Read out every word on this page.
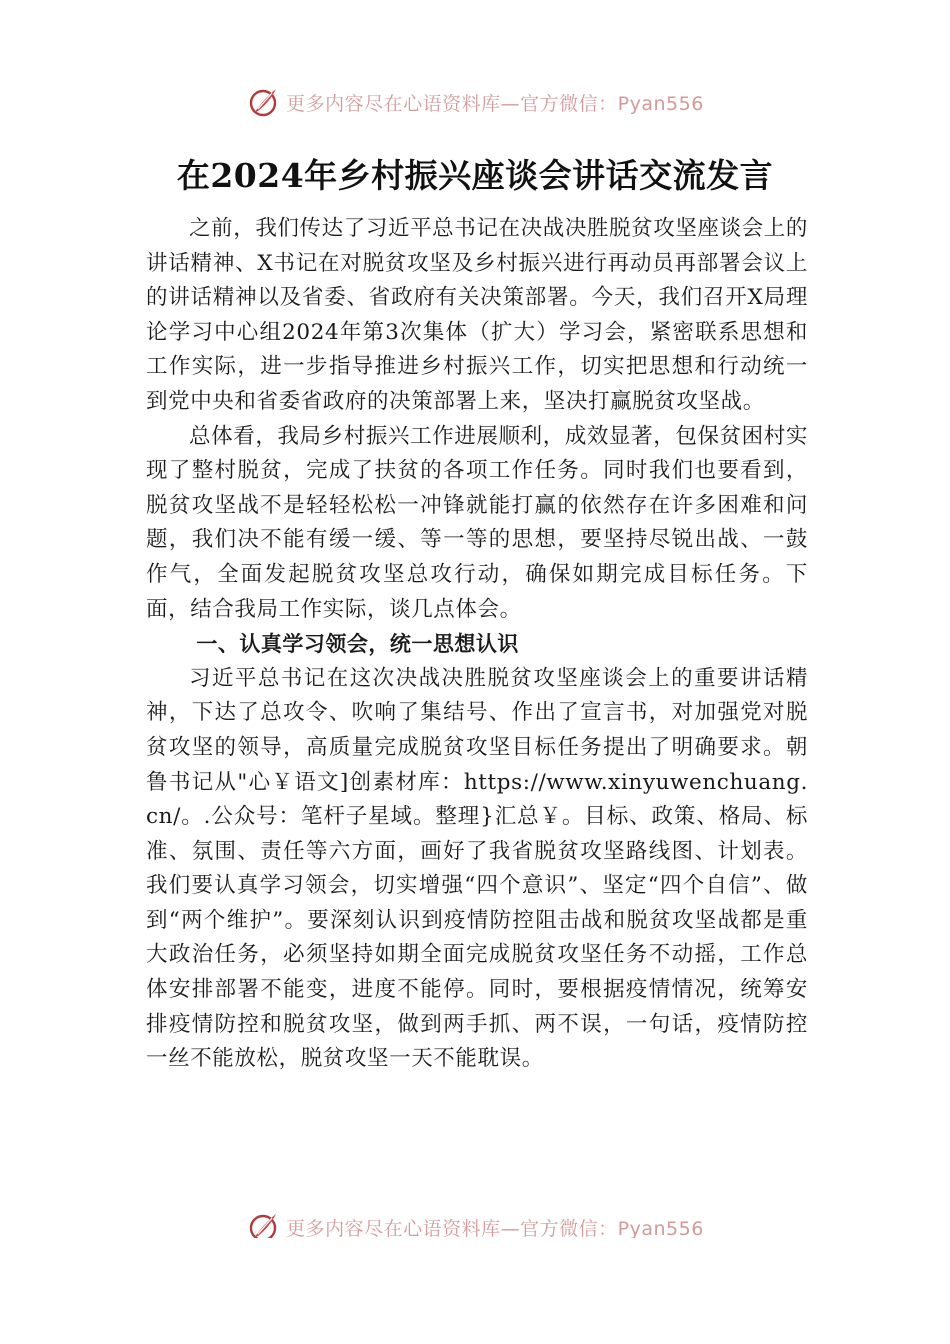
更多内容尽在心语资料库—官方微信：Pyan556
在2024年乡村振兴座谈会讲话交流发言

之前，我们传达了习近平总书记在决战决胜脱贫攻坚座谈会上的讲话精神、X书记在对脱贫攻坚及乡村振兴进行再动员再部署会议上的讲话精神以及省委、省政府有关决策部署。今天，我们召开X局理论学习中心组2024年第3次集体（扩大）学习会，紧密联系思想和工作实际，进一步指导推进乡村振兴工作，切实把思想和行动统一到党中央和省委省政府的决策部署上来，坚决打赢脱贫攻坚战。

总体看，我局乡村振兴工作进展顺利，成效显著，包保贫困村实现了整村脱贫，完成了扶贫的各项工作任务。同时我们也要看到，脱贫攻坚战不是轻轻松松一冲锋就能打赢的依然存在许多困难和问题，我们决不能有缓一缓、等一等的思想，要坚持尽锐出战、一鼓作气，全面发起脱贫攻坚总攻行动，确保如期完成目标任务。下面，结合我局工作实际，谈几点体会。

一、认真学习领会，统一思想认识

习近平总书记在这次决战决胜脱贫攻坚座谈会上的重要讲话精神，下达了总攻令、吹响了集结号、作出了宣言书，对加强党对脱贫攻坚的领导，高质量完成脱贫攻坚目标任务提出了明确要求。朝鲁书记从"心￥语文]创素材库：https://www.xinyuwenchuang.cn/。.公众号：笔杆子星域。整理}汇总￥。目标、政策、格局、标准、氛围、责任等六方面，画好了我省脱贫攻坚路线图、计划表。我们要认真学习领会，切实增强“四个意识”、坚定“四个自信”、做到“两个维护”。要深刻认识到疫情防控阻击战和脱贫攻坚战都是重大政治任务，必须坚持如期全面完成脱贫攻坚任务不动摇，工作总体安排部署不能变，进度不能停。同时，要根据疫情情况，统筹安排疫情防控和脱贫攻坚，做到两手抓、两不误，一句话，疫情防控一丝不能放松，脱贫攻坚一天不能耽误。

更多内容尽在心语资料库—官方微信：Pyan556
